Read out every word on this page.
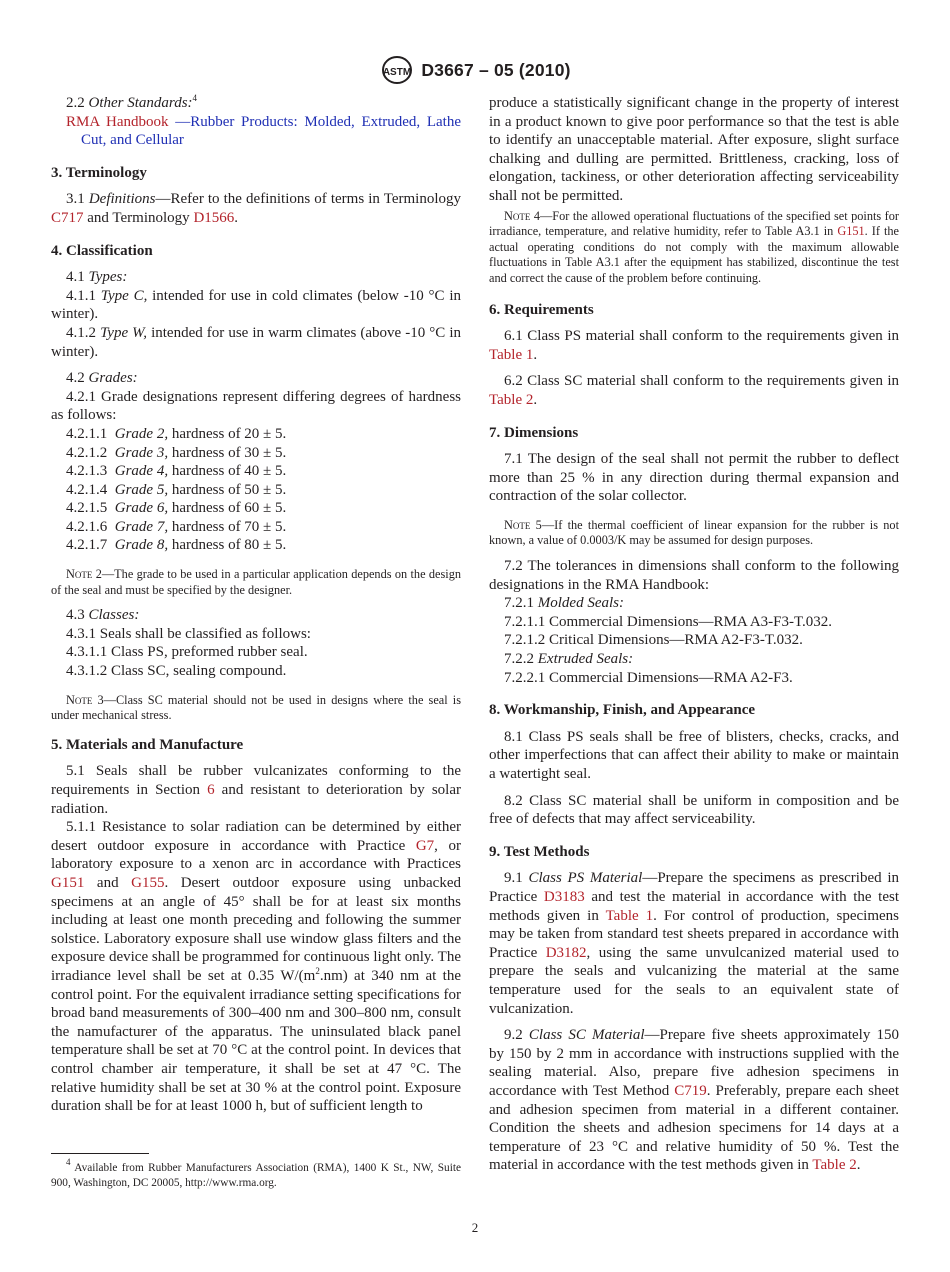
ASTM D3667 – 05 (2010)

2.2 Other Standards:$^4$

RMA Handbook —Rubber Products: Molded, Extruded, Lathe Cut, and Cellular

3. Terminology

3.1 Definitions—Refer to the definitions of terms in Terminology C717 and Terminology D1566.

4. Classification

4.1 Types:

4.1.1 Type C, intended for use in cold climates (below -10 °C in winter).

4.1.2 Type W, intended for use in warm climates (above -10 °C in winter).

4.2 Grades:

4.2.1 Grade designations represent differing degrees of hardness as follows:

4.2.1.1 Grade 2, hardness of 20 ± 5.

4.2.1.2 Grade 3, hardness of 30 ± 5.

4.2.1.3 Grade 4, hardness of 40 ± 5.

4.2.1.4 Grade 5, hardness of 50 ± 5.

4.2.1.5 Grade 6, hardness of 60 ± 5.

4.2.1.6 Grade 7, hardness of 70 ± 5.

4.2.1.7 Grade 8, hardness of 80 ± 5.

Note 2—The grade to be used in a particular application depends on the design of the seal and must be specified by the designer.

4.3 Classes:

4.3.1 Seals shall be classified as follows:

4.3.1.1 Class PS, preformed rubber seal.

4.3.1.2 Class SC, sealing compound.

Note 3—Class SC material should not be used in designs where the seal is under mechanical stress.

5. Materials and Manufacture

5.1 Seals shall be rubber vulcanizates conforming to the requirements in Section 6 and resistant to deterioration by solar radiation.

5.1.1 Resistance to solar radiation can be determined by either desert outdoor exposure in accordance with Practice G7, or laboratory exposure to a xenon arc in accordance with Practices G151 and G155. Desert outdoor exposure using unbacked specimens at an angle of 45° shall be for at least six months including at least one month preceding and following the summer solstice. Laboratory exposure shall use window glass filters and the exposure device shall be programmed for continuous light only. The irradiance level shall be set at 0.35 $W/(m^2.nm)$ at 340 nm at the control point. For the equivalent irradiance setting specifications for broad band measurements of 300–400 nm and 300–800 nm, consult the namufacturer of the apparatus. The uninsulated black panel temperature shall be set at 70 °C at the control point. In devices that control chamber air temperature, it shall be set at 47 °C. The relative humidity shall be set at 30 % at the control point. Exposure duration shall be for at least 1000 h, but of sufficient length to

$^4$ Available from Rubber Manufacturers Association (RMA), 1400 K St., NW, Suite 900, Washington, DC 20005, http://www.rma.org.

produce a statistically significant change in the property of interest in a product known to give poor performance so that the test is able to identify an unacceptable material. After exposure, slight surface chalking and dulling are permitted. Brittleness, cracking, loss of elongation, tackiness, or other deterioration affecting serviceability shall not be permitted.

Note 4—For the allowed operational fluctuations of the specified set points for irradiance, temperature, and relative humidity, refer to Table A3.1 in G151. If the actual operating conditions do not comply with the maximum allowable fluctuations in Table A3.1 after the equipment has stabilized, discontinue the test and correct the cause of the problem before continuing.

6. Requirements

6.1 Class PS material shall conform to the requirements given in Table 1.

6.2 Class SC material shall conform to the requirements given in Table 2.

7. Dimensions

7.1 The design of the seal shall not permit the rubber to deflect more than 25 % in any direction during thermal expansion and contraction of the solar collector.

Note 5—If the thermal coefficient of linear expansion for the rubber is not known, a value of 0.0003/K may be assumed for design purposes.

7.2 The tolerances in dimensions shall conform to the following designations in the RMA Handbook:

7.2.1 Molded Seals:

7.2.1.1 Commercial Dimensions—RMA A3-F3-T.032.

7.2.1.2 Critical Dimensions—RMA A2-F3-T.032.

7.2.2 Extruded Seals:

7.2.2.1 Commercial Dimensions—RMA A2-F3.

8. Workmanship, Finish, and Appearance

8.1 Class PS seals shall be free of blisters, checks, cracks, and other imperfections that can affect their ability to make or maintain a watertight seal.

8.2 Class SC material shall be uniform in composition and be free of defects that may affect serviceability.

9. Test Methods

9.1 Class PS Material—Prepare the specimens as prescribed in Practice D3183 and test the material in accordance with the test methods given in Table 1. For control of production, specimens may be taken from standard test sheets prepared in accordance with Practice D3182, using the same unvulcanized material used to prepare the seals and vulcanizing the material at the same temperature used for the seals to an equivalent state of vulcanization.

9.2 Class SC Material—Prepare five sheets approximately 150 by 150 by 2 mm in accordance with instructions supplied with the sealing material. Also, prepare five adhesion specimens in accordance with Test Method C719. Preferably, prepare each sheet and adhesion specimen from material in a different container. Condition the sheets and adhesion specimens for 14 days at a temperature of 23 °C and relative humidity of 50 %. Test the material in accordance with the test methods given in Table 2.

2
